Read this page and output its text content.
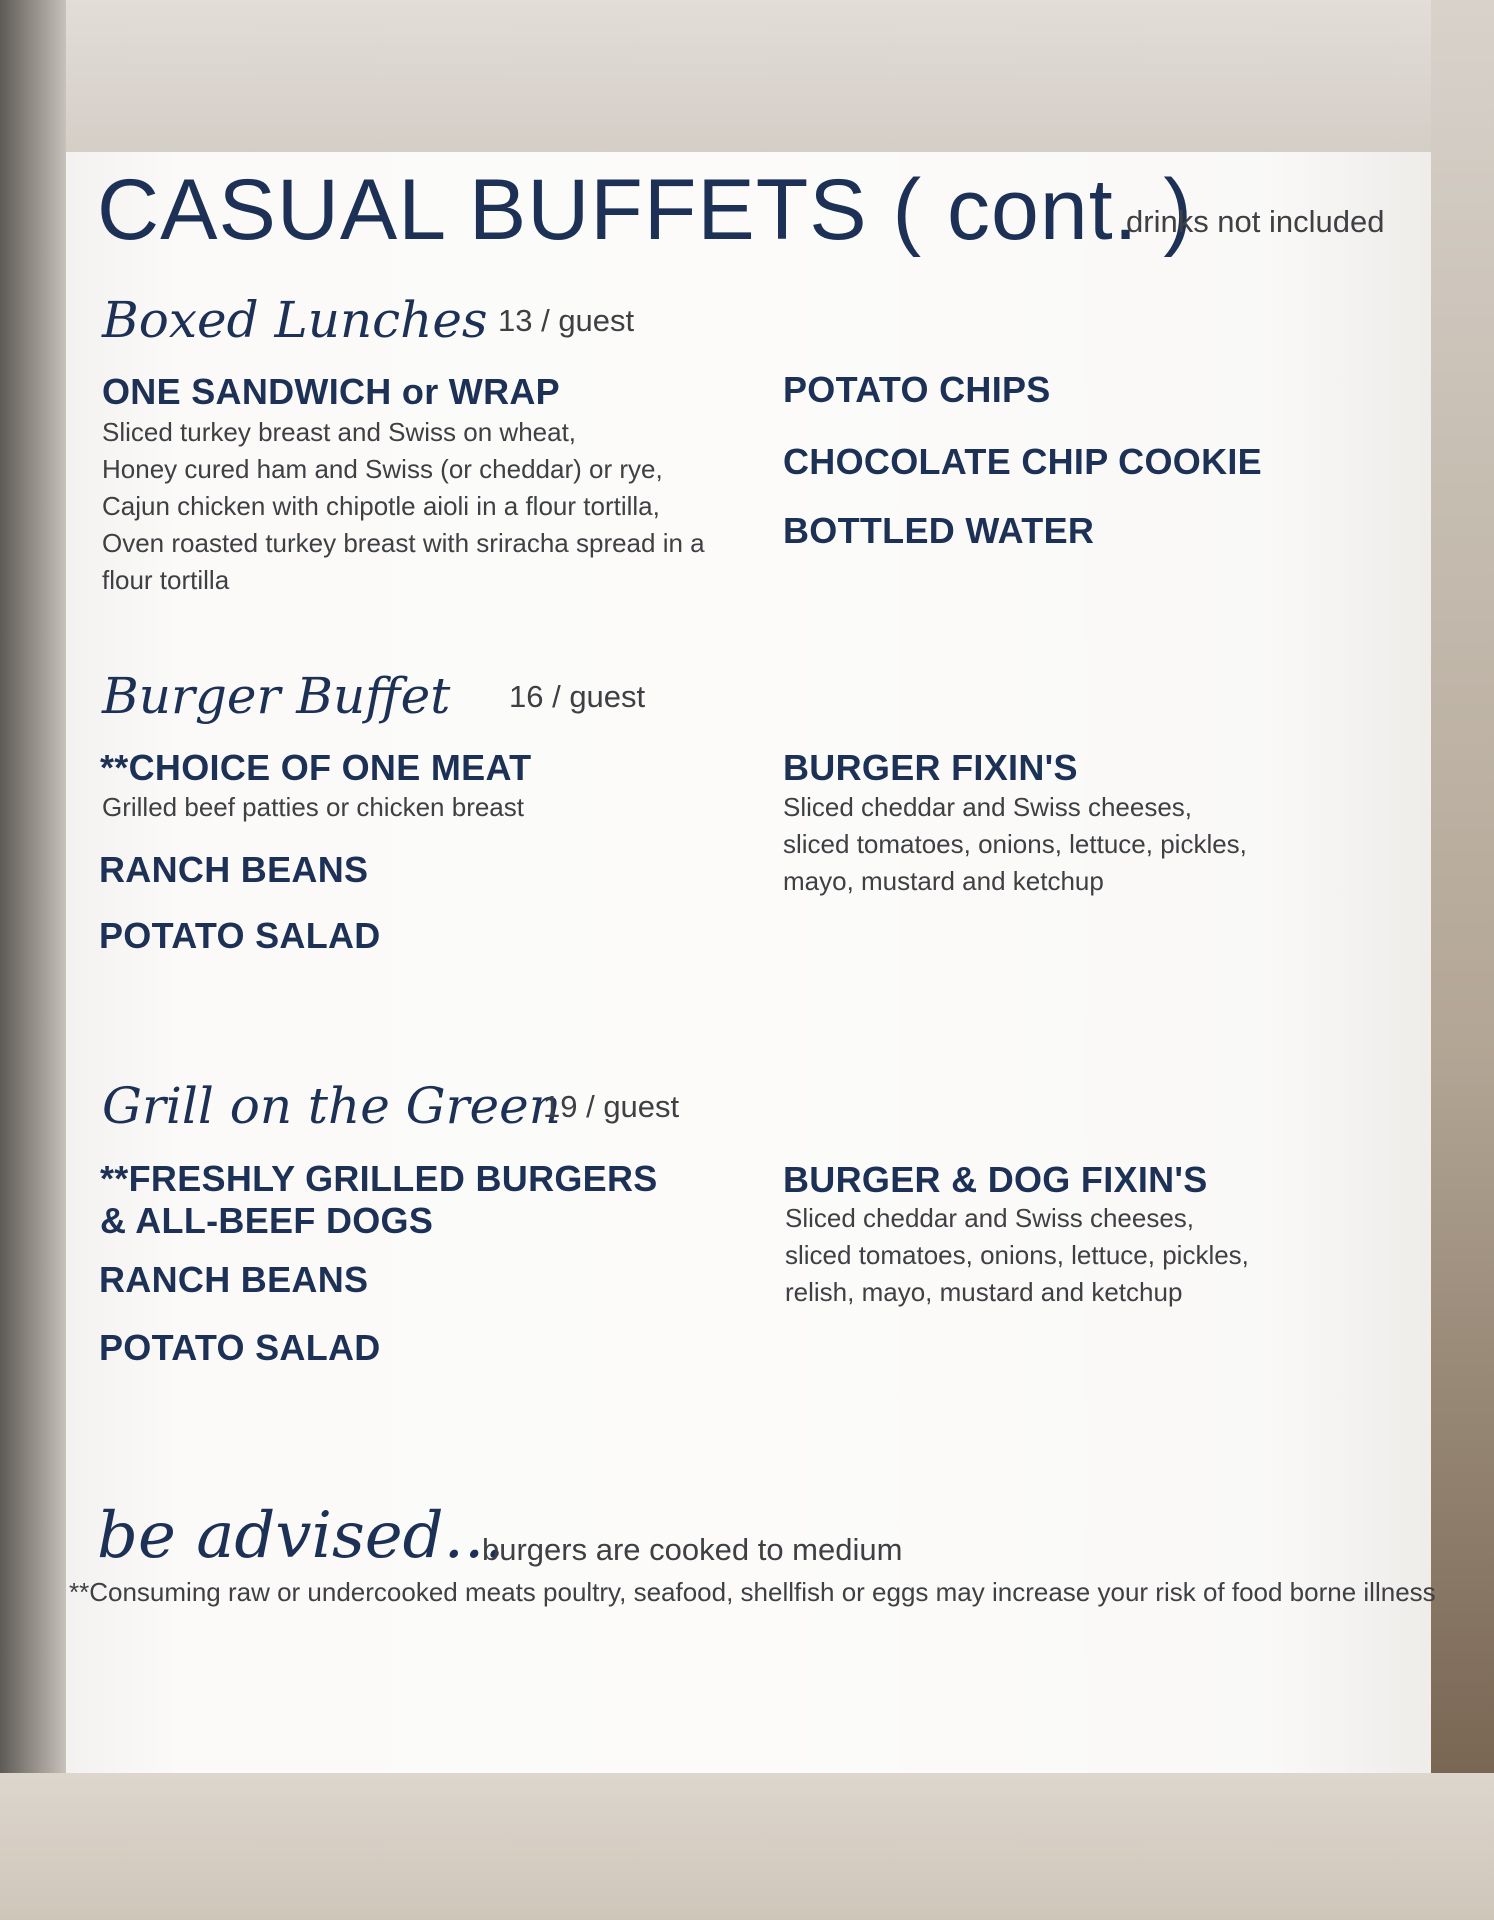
CASUAL BUFFETS ( cont. )
drinks not included
Boxed Lunches 13 / guest
ONE SANDWICH or WRAP
Sliced turkey breast and Swiss on wheat,
Honey cured ham and Swiss (or cheddar) or rye,
Cajun chicken with chipotle aioli in a flour tortilla,
Oven roasted turkey breast with sriracha spread in a
flour tortilla
POTATO CHIPS
CHOCOLATE CHIP COOKIE
BOTTLED WATER
Burger Buffet 16 / guest
**CHOICE OF ONE MEAT
Grilled beef patties or chicken breast
RANCH BEANS
POTATO SALAD
BURGER FIXIN'S
Sliced cheddar and Swiss cheeses,
sliced tomatoes, onions, lettuce, pickles,
mayo, mustard and ketchup
Grill on the Green
19 / guest
**FRESHLY GRILLED BURGERS
& ALL-BEEF DOGS
RANCH BEANS
POTATO SALAD
BURGER & DOG FIXIN'S
Sliced cheddar and Swiss cheeses,
sliced tomatoes, onions, lettuce, pickles,
relish, mayo, mustard and ketchup
be advised...
burgers are cooked to medium
**Consuming raw or undercooked meats poultry, seafood, shellfish or eggs may increase your risk of food borne illness
